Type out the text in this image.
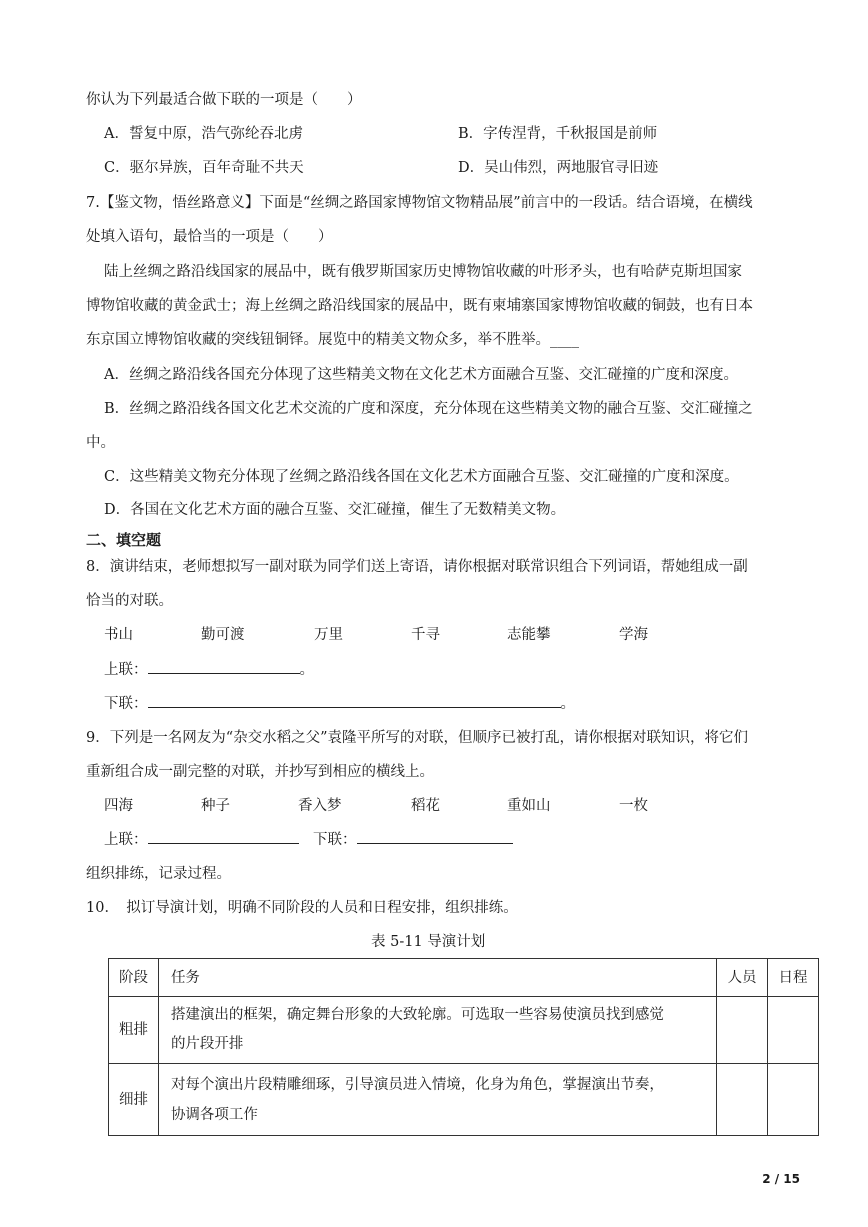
你认为下列最适合做下联的一项是（　　）
A．誓复中原，浩气弥纶吞北虏	B．字传涅背，千秋报国是前师
C．驱尔异族，百年奇耻不共天	D．吴山伟烈，两地服官寻旧迹
7.【鉴文物，悟丝路意义】下面是“丝绸之路国家博物馆文物精品展”前言中的一段话。结合语境，在横线
处填入语句，最恰当的一项是（　　）
陆上丝绸之路沿线国家的展品中，既有俄罗斯国家历史博物馆收藏的叶形矛头，也有哈萨克斯坦国家
博物馆收藏的黄金武士；海上丝绸之路沿线国家的展品中，既有柬埔寨国家博物馆收藏的铜鼓，也有日本
东京国立博物馆收藏的突线钮铜铎。展览中的精美文物众多，举不胜举。____
A．丝绸之路沿线各国充分体现了这些精美文物在文化艺术方面融合互鉴、交汇碰撞的广度和深度。
B．丝绸之路沿线各国文化艺术交流的广度和深度，充分体现在这些精美文物的融合互鉴、交汇碰撞之
中。
C．这些精美文物充分体现了丝绸之路沿线各国在文化艺术方面融合互鉴、交汇碰撞的广度和深度。
D．各国在文化艺术方面的融合互鉴、交汇碰撞，催生了无数精美文物。
二、填空题
8．演讲结束，老师想拟写一副对联为同学们送上寄语，请你根据对联常识组合下列词语，帮她组成一副
恰当的对联。
书山	勤可渡	万里	千寻	志能攀	学海
上联：	。
下联：	。
9．下列是一名网友为“杂交水稻之父”袁隆平所写的对联，但顺序已被打乱，请你根据对联知识，将它们
重新组合成一副完整的对联，并抄写到相应的横线上。
四海	种子	香入梦	稻花	重如山	一枚
上联：	下联：
组织排练，记录过程。
10．　拟订导演计划，明确不同阶段的人员和日程安排，组织排练。
表 5-11 导演计划
阶段	任务	人员	日程
粗排	搭建演出的框架，确定舞台形象的大致轮廓。可选取一些容易使演员找到感觉
的片段开排		

细排	对每个演出片段精雕细琢，引导演员进入情境，化身为角色，掌握演出节奏，
协调各项工作		

2 / 15
